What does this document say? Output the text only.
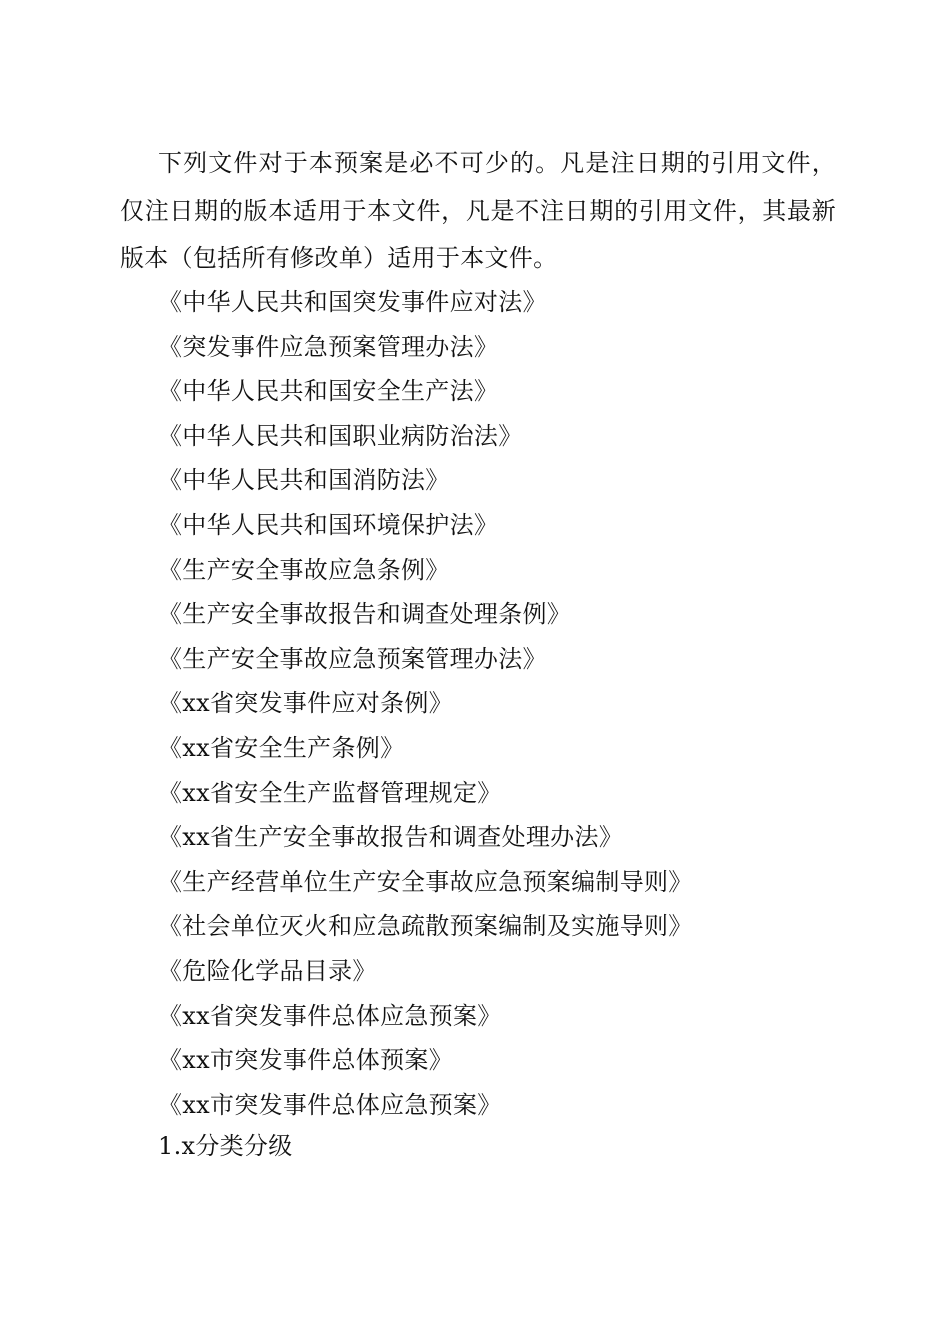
下列文件对于本预案是必不可少的。凡是注日期的引用文件，仅注日期的版本适用于本文件，凡是不注日期的引用文件，其最新版本（包括所有修改单）适用于本文件。

《中华人民共和国突发事件应对法》
《突发事件应急预案管理办法》
《中华人民共和国安全生产法》
《中华人民共和国职业病防治法》
《中华人民共和国消防法》
《中华人民共和国环境保护法》
《生产安全事故应急条例》
《生产安全事故报告和调查处理条例》
《生产安全事故应急预案管理办法》
《xx省突发事件应对条例》
《xx省安全生产条例》
《xx省安全生产监督管理规定》
《xx省生产安全事故报告和调查处理办法》
《生产经营单位生产安全事故应急预案编制导则》
《社会单位灭火和应急疏散预案编制及实施导则》
《危险化学品目录》
《xx省突发事件总体应急预案》
《xx市突发事件总体预案》
《xx市突发事件总体应急预案》
1.x分类分级
